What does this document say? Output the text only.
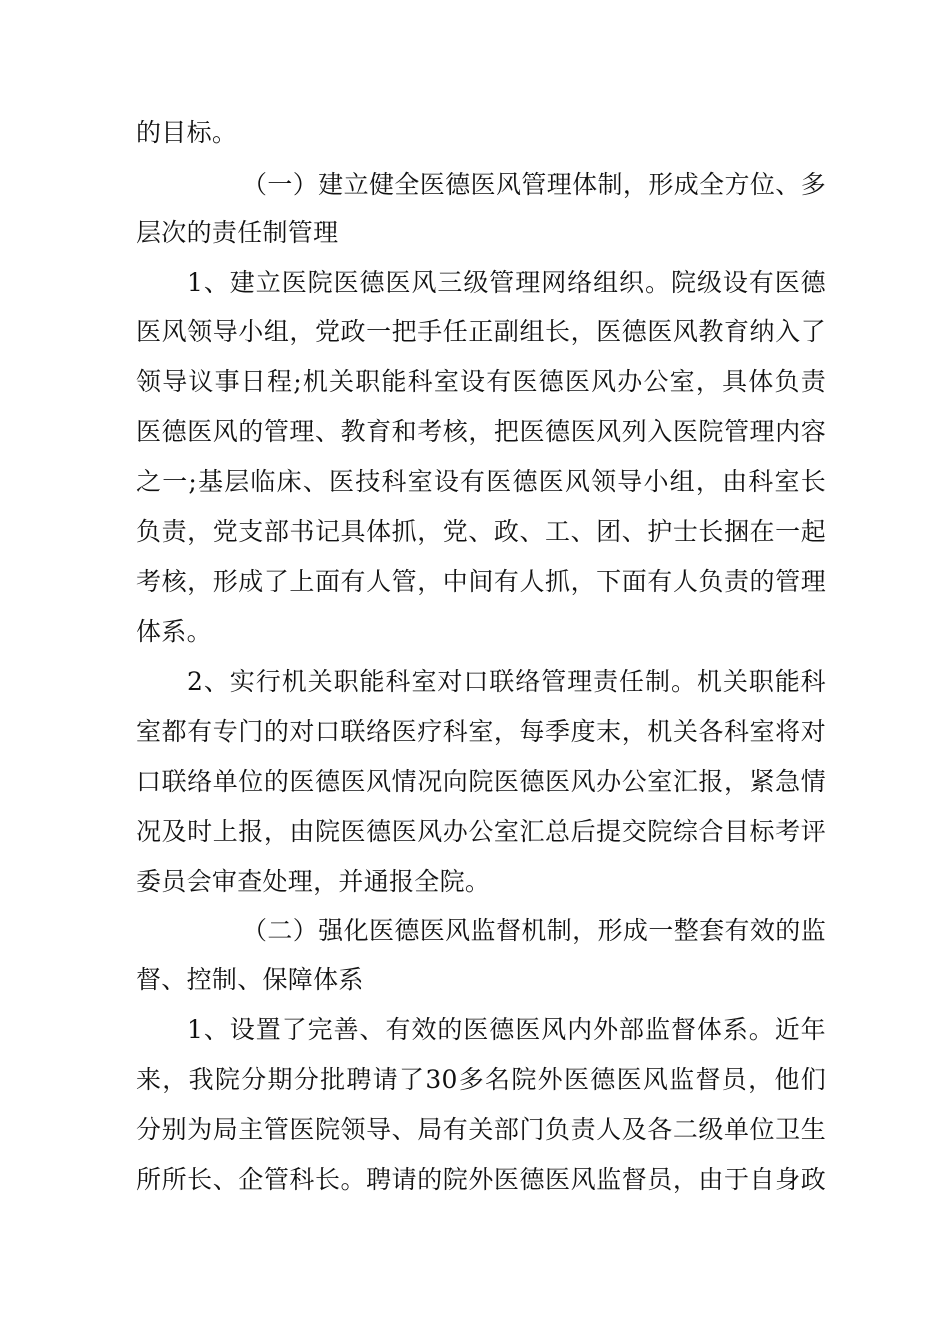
的目标。
（一）建立健全医德医风管理体制，形成全方位、多
层次的责任制管理
1、建立医院医德医风三级管理网络组织。院级设有医德
医风领导小组，党政一把手任正副组长，医德医风教育纳入了
领导议事日程;机关职能科室设有医德医风办公室，具体负责
医德医风的管理、教育和考核，把医德医风列入医院管理内容
之一;基层临床、医技科室设有医德医风领导小组，由科室长
负责，党支部书记具体抓，党、政、工、团、护士长捆在一起
考核，形成了上面有人管，中间有人抓，下面有人负责的管理
体系。
2、实行机关职能科室对口联络管理责任制。机关职能科
室都有专门的对口联络医疗科室，每季度末，机关各科室将对
口联络单位的医德医风情况向院医德医风办公室汇报，紧急情
况及时上报，由院医德医风办公室汇总后提交院综合目标考评
委员会审查处理，并通报全院。
（二）强化医德医风监督机制，形成一整套有效的监
督、控制、保障体系
1、设置了完善、有效的医德医风内外部监督体系。近年
来，我院分期分批聘请了30多名院外医德医风监督员，他们
分别为局主管医院领导、局有关部门负责人及各二级单位卫生
所所长、企管科长。聘请的院外医德医风监督员，由于自身政
